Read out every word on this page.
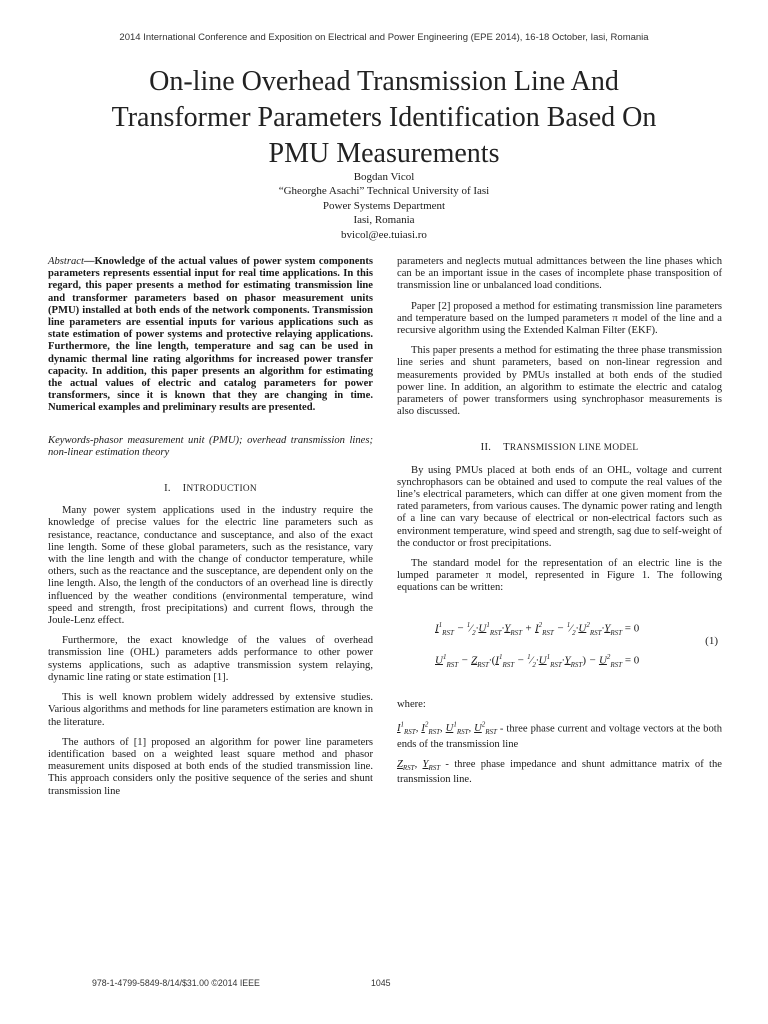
2014 International Conference and Exposition on Electrical and Power Engineering (EPE 2014), 16-18 October, Iasi, Romania
On-line Overhead Transmission Line And
Transformer Parameters Identification Based On
PMU Measurements
Bogdan Vicol
“Gheorghe Asachi” Technical University of Iasi
Power Systems Department
Iasi, Romania
bvicol@ee.tuiasi.ro
Abstract—Knowledge of the actual values of power system components parameters represents essential input for real time applications. In this regard, this paper presents a method for estimating transmission line and transformer parameters based on phasor measurement units (PMU) installed at both ends of the network components. Transmission line parameters are essential inputs for various applications such as state estimation of power systems and protective relaying applications. Furthermore, the line length, temperature and sag can be used in dynamic thermal line rating algorithms for increased power transfer capacity. In addition, this paper presents an algorithm for estimating the actual values of electric and catalog parameters for power transformers, since it is known that they are changing in time. Numerical examples and preliminary results are presented.
Keywords-phasor measurement unit (PMU); overhead transmission lines; non-linear estimation theory
I. INTRODUCTION

Many power system applications used in the industry require the knowledge of precise values for the electric line parameters such as resistance, reactance, conductance and susceptance, and also of the exact line length. Some of these global parameters, such as the resistance, vary with the line length and with the change of conductor temperature, while others, such as the reactance and the susceptance, are dependent only on the line length. Also, the length of the conductors of an overhead line is directly influenced by the weather conditions (environmental temperature, wind speed and strength, frost precipitations) and current flows, through the Joule-Lenz effect.

Furthermore, the exact knowledge of the values of overhead transmission line (OHL) parameters adds performance to other power systems applications, such as adaptive transmission system relaying, dynamic line rating or state estimation [1].

This is well known problem widely addressed by extensive studies. Various algorithms and methods for line parameters estimation are known in the literature.

The authors of [1] proposed an algorithm for power line parameters identification based on a weighted least square method and phasor measurement units disposed at both ends of the studied transmission line. This approach considers only the positive sequence of the series and shunt transmission line

parameters and neglects mutual admittances between the line phases which can be an important issue in the cases of incomplete phase transposition of transmission line or unbalanced load conditions.

Paper [2] proposed a method for estimating transmission line parameters and temperature based on the lumped parameters π model of the line and a recursive algorithm using the Extended Kalman Filter (EKF).

This paper presents a method for estimating the three phase transmission line series and shunt parameters, based on non-linear regression and measurements provided by PMUs installed at both ends of the studied power line. In addition, an algorithm to estimate the electric and catalog parameters of power transformers using synchrophasor measurements is also discussed.

II. TRANSMISSION LINE MODEL

By using PMUs placed at both ends of an OHL, voltage and current synchrophasors can be obtained and used to compute the real values of the line’s electrical parameters, which can differ at one given moment from the rated parameters, from various causes. The dynamic power rating and length of a line can vary because of electrical or non-electrical factors such as environment temperature, wind speed and strength, sag due to self-weight of the conductor or frost precipitations.

The standard model for the representation of an electric line is the lumped parameter π model, represented in Figure 1. The following equations can be written:

$I^1_{RST}$ − $^1⁄_2\cdot U^1_{RST}\cdot Y_{RST} + I^2_{RST}$ − $^1⁄_2\cdot U^2_{RST}\cdot Y_{RST} = 0$
$U^1_{RST} - Z_{RST}\cdot(I^1_{RST}$ − $^1⁄_2\cdot U^1_{RST}\cdot Y_{RST}) - U^2_{RST} = 0$
(1)

where:

$I^1_{RST}$, $I^2_{RST}$, $U^1_{RST}$, $U^2_{RST}$ - three phase current and voltage vectors at the both ends of the transmission line

$Z_{RST}$, $Y_{RST}$ - three phase impedance and shunt admittance matrix of the transmission line.

978-1-4799-5849-8/14/$31.00 ©2014 IEEE	1045
